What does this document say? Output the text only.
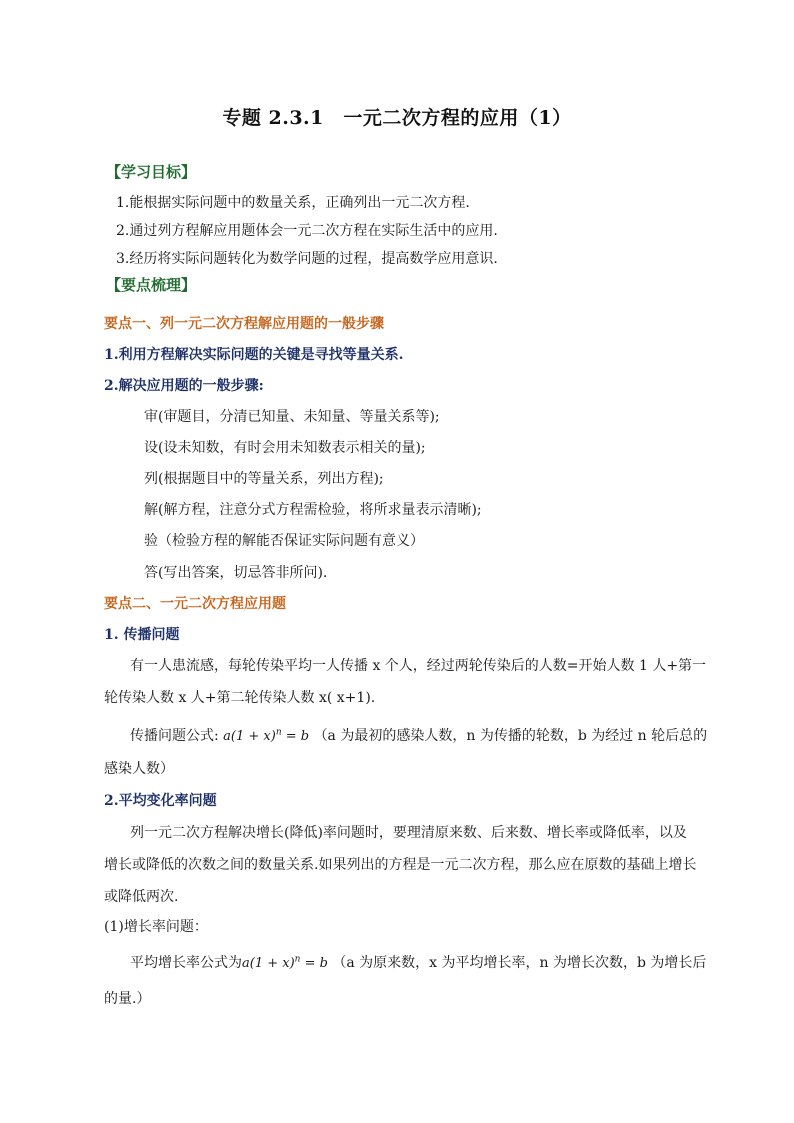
专题 2.3.1　一元二次方程的应用（1）
【学习目标】
1.能根据实际问题中的数量关系，正确列出一元二次方程.
2.通过列方程解应用题体会一元二次方程在实际生活中的应用.
3.经历将实际问题转化为数学问题的过程，提高数学应用意识.
【要点梳理】
要点一、列一元二次方程解应用题的一般步骤
1.利用方程解决实际问题的关键是寻找等量关系.
2.解决应用题的一般步骤:
审(审题目，分清已知量、未知量、等量关系等);
设(设未知数，有时会用未知数表示相关的量);
列(根据题目中的等量关系，列出方程);
解(解方程，注意分式方程需检验，将所求量表示清晰);
验（检验方程的解能否保证实际问题有意义）
答(写出答案，切忌答非所问).
要点二、一元二次方程应用题
1. 传播问题
有一人患流感，每轮传染平均一人传播 x 个人，经过两轮传染后的人数=开始人数 1 人+第一
轮传染人数 x 人+第二轮传染人数 x( x+1).
传播问题公式: $a(1 + x)^n = b$ （a 为最初的感染人数，n 为传播的轮数，b 为经过 n 轮后总的
感染人数）
2.平均变化率问题
列一元二次方程解决增长(降低)率问题时，要理清原来数、后来数、增长率或降低率，以及
增长或降低的次数之间的数量关系.如果列出的方程是一元二次方程，那么应在原数的基础上增长
或降低两次.
(1)增长率问题：
平均增长率公式为$a(1 + x)^n = b$ （a 为原来数，x 为平均增长率，n 为增长次数，b 为增长后
的量.）
